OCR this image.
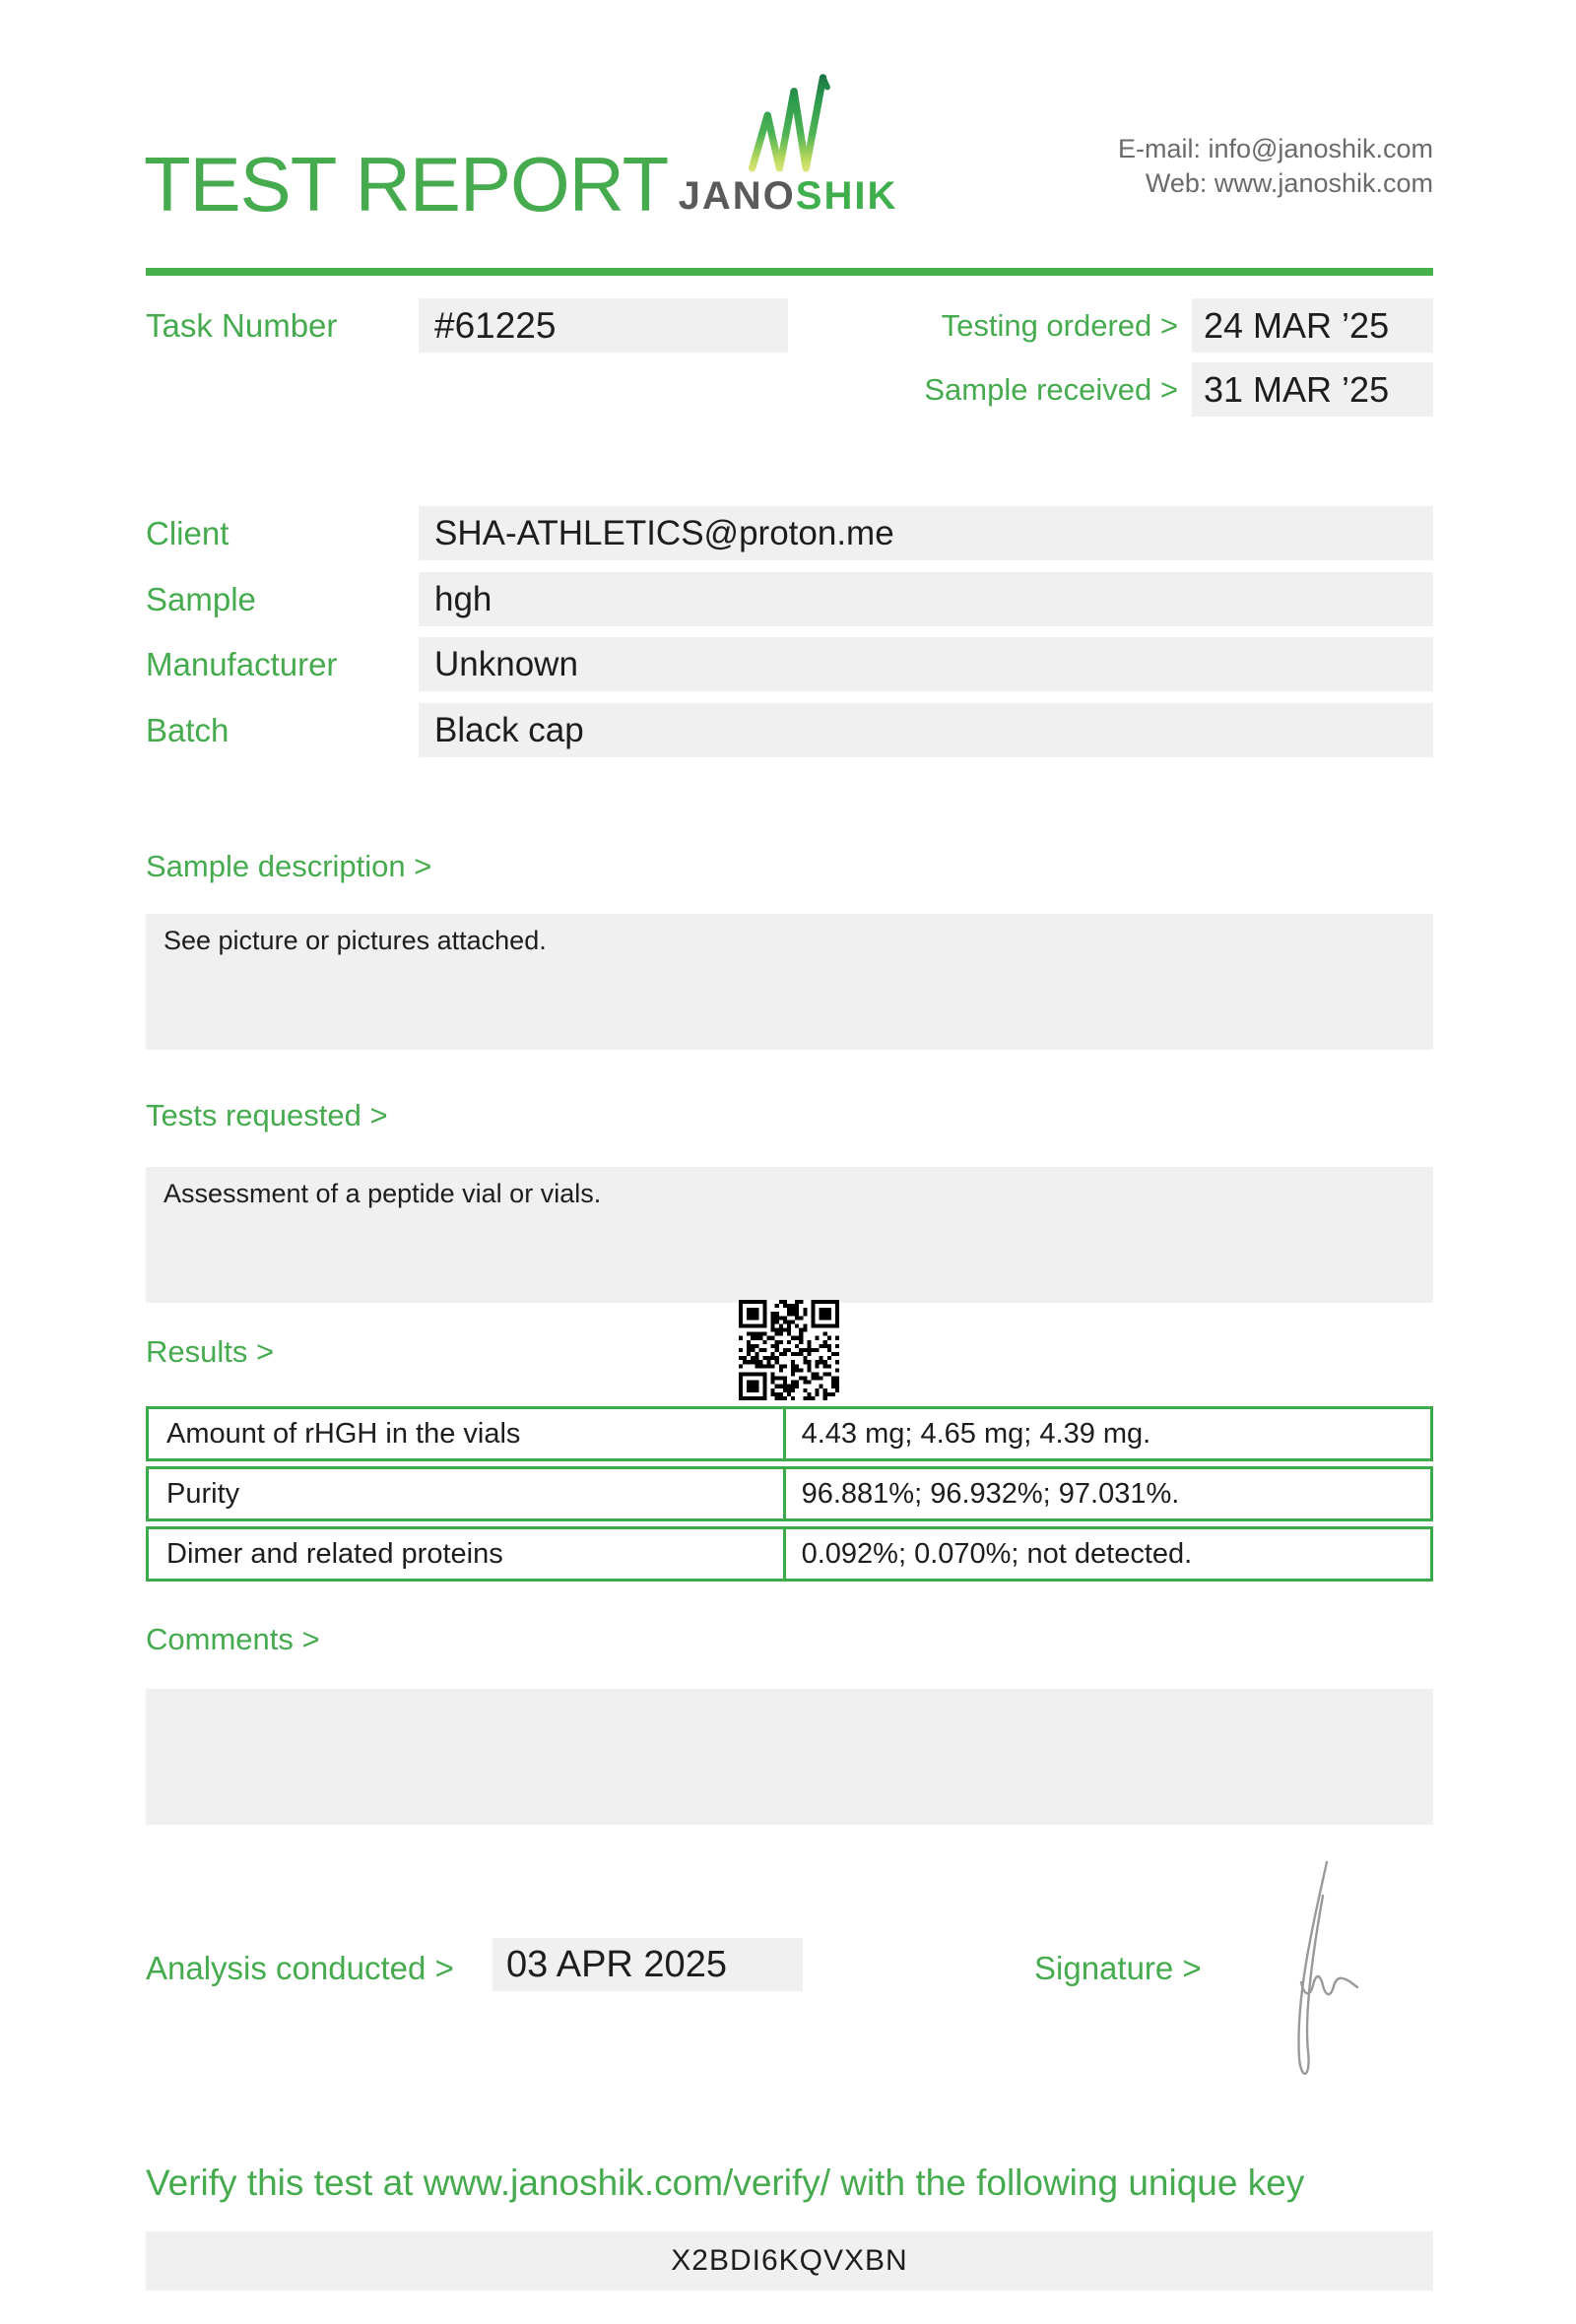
TEST REPORT JANOSHIK
E-mail: info@janoshik.com
Web: www.janoshik.com
Task Number	#61225	Testing ordered > 24 MAR ’25
Sample received > 31 MAR ’25
Client	SHA-ATHLETICS@proton.me
Sample	hgh
Manufacturer	Unknown
Batch	Black cap
Sample description >
See picture or pictures attached.
Tests requested >
Assessment of a peptide vial or vials.
Results >
Amount of rHGH in the vials	4.43 mg; 4.65 mg; 4.39 mg.
Purity	96.881%; 96.932%; 97.031%.
Dimer and related proteins	0.092%; 0.070%; not detected.
Comments >
Analysis conducted >	03 APR 2025	Signature >
Verify this test at www.janoshik.com/verify/ with the following unique key
X2BDI6KQVXBN
